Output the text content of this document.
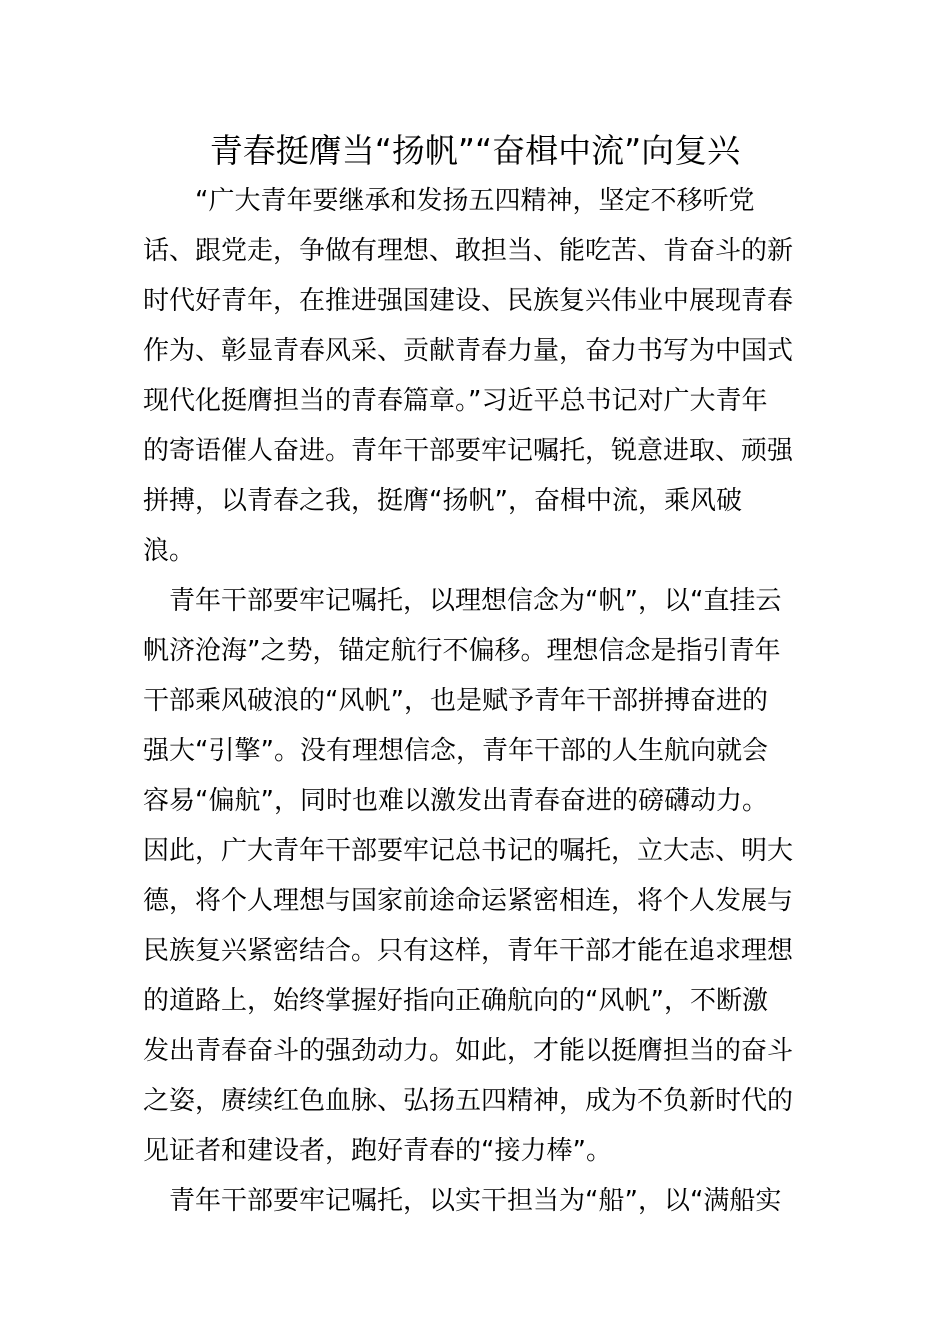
青春挺膺当“扬帆”“奋楫中流”向复兴
“广大青年要继承和发扬五四精神，坚定不移听党
话、跟党走，争做有理想、敢担当、能吃苦、肯奋斗的新
时代好青年，在推进强国建设、民族复兴伟业中展现青春
作为、彰显青春风采、贡献青春力量，奋力书写为中国式
现代化挺膺担当的青春篇章。”习近平总书记对广大青年
的寄语催人奋进。青年干部要牢记嘱托，锐意进取、顽强
拼搏，以青春之我，挺膺“扬帆”，奋楫中流，乘风破
浪。
青年干部要牢记嘱托，以理想信念为“帆”，以“直挂云
帆济沧海”之势，锚定航行不偏移。理想信念是指引青年
干部乘风破浪的“风帆”，也是赋予青年干部拼搏奋进的
强大“引擎”。没有理想信念，青年干部的人生航向就会
容易“偏航”，同时也难以激发出青春奋进的磅礴动力。
因此，广大青年干部要牢记总书记的嘱托，立大志、明大
德，将个人理想与国家前途命运紧密相连，将个人发展与
民族复兴紧密结合。只有这样，青年干部才能在追求理想
的道路上，始终掌握好指向正确航向的“风帆”，不断激
发出青春奋斗的强劲动力。如此，才能以挺膺担当的奋斗
之姿，赓续红色血脉、弘扬五四精神，成为不负新时代的
见证者和建设者，跑好青春的“接力棒”。
青年干部要牢记嘱托，以实干担当为“船”，以“满船实
